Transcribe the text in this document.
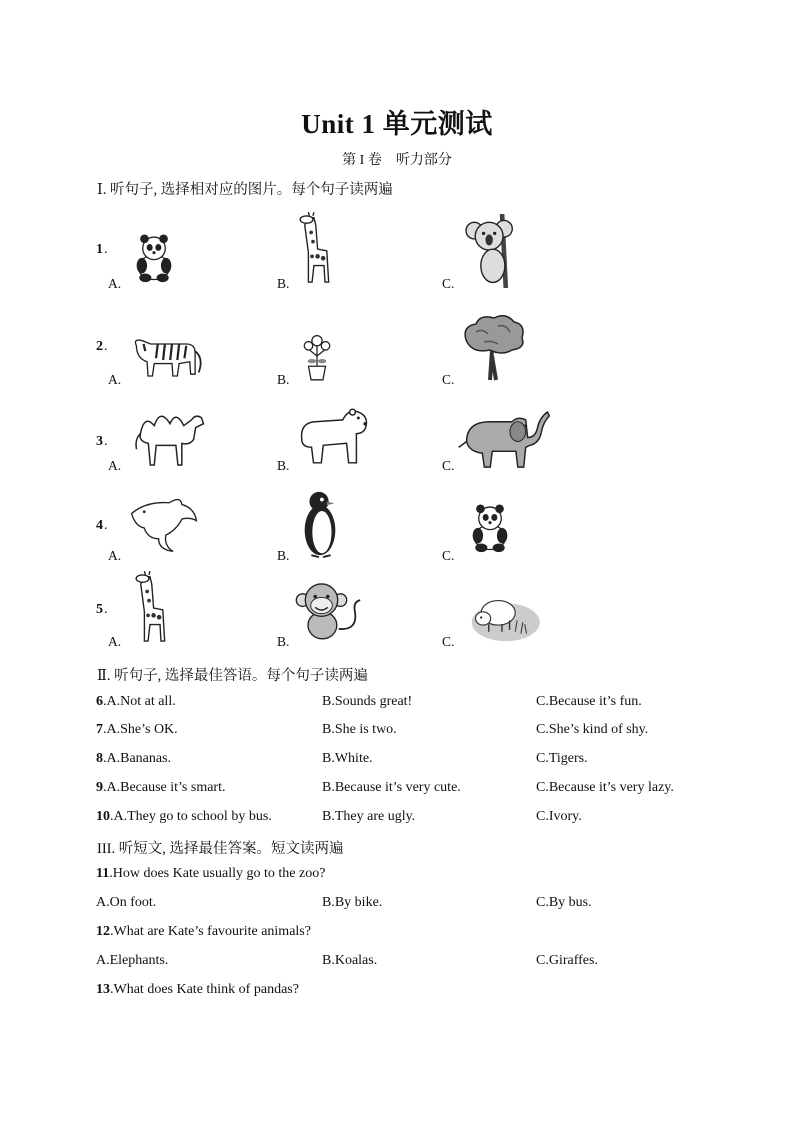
Unit 1 单元测试
第 I 卷　听力部分
Ⅰ. 听句子, 选择相对应的图片。每个句子读两遍
1 .
A.	B.	C.
2 .
A.	B.	C.
3 .
A.	B.	C.
4 .
A.	B.	C.
5 .
A.	B.	C.
Ⅱ. 听句子, 选择最佳答语。每个句子读两遍
6.A.Not at all.	B.Sounds great!	C.Because it’s fun.
7.A.She’s OK.	B.She is two.	C.She’s kind of shy.
8.A.Bananas.	B.White.	C.Tigers.
9.A.Because it’s smart.	B.Because it’s very cute.	C.Because it’s very lazy.
10.A.They go to school by bus.	B.They are ugly.	C.Ivory.
III. 听短文, 选择最佳答案。短文读两遍
11.How does Kate usually go to the zoo?
A.On foot.	B.By bike.	C.By bus.
12.What are Kate’s favourite animals?
A.Elephants.	B.Koalas.	C.Giraffes.
13.What does Kate think of pandas?
